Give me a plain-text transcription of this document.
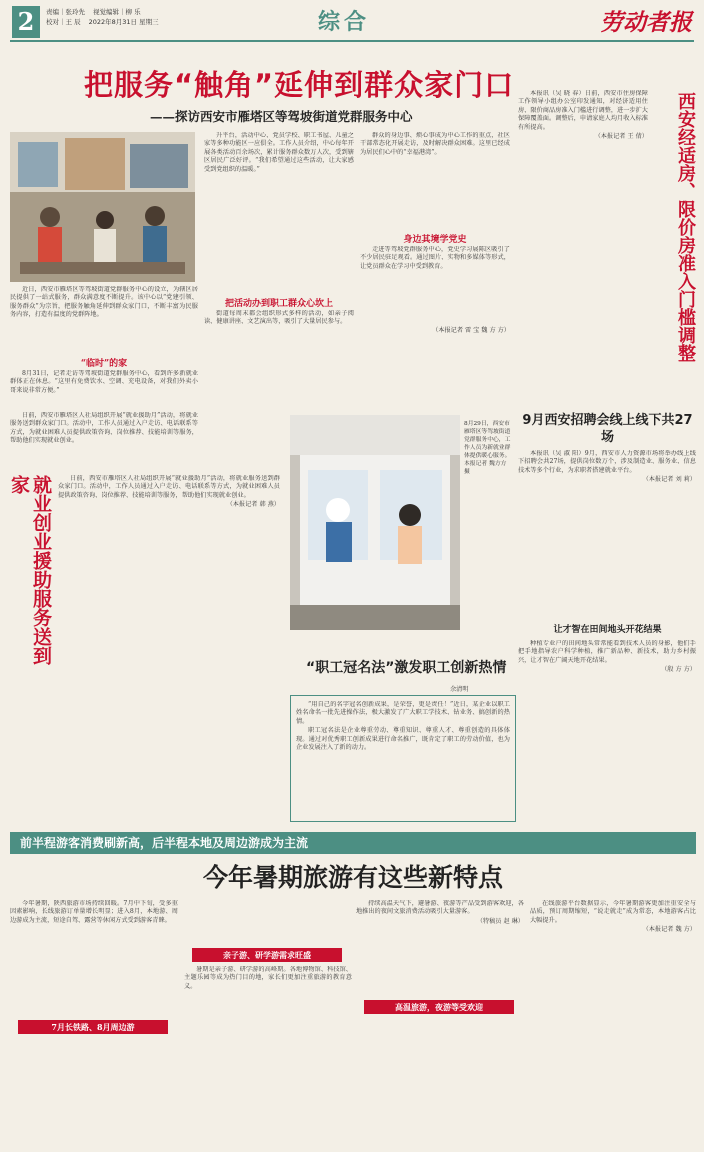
2	责编｜张玲先 视觉编辑｜柳 乐
校对｜王 辰 2022年8月31日 星期三	综合	劳动者报
把服务“触角”延伸到群众家门口
——探访西安市雁塔区等驾坡街道党群服务中心

近日，西安市雁塔区等驾坡街道党群服务中心的设立，为辖区居民提供了一站式服务，群众满意度不断提升。该中心以“党建引领、服务群众”为宗旨，把服务触角延伸到群众家门口，不断丰富为民服务内容，打造有温度的党群阵地。

“临时”的家

8月31日，记者走访等驾坡街道党群服务中心，看到许多新就业群体正在休息。“这里有免费饮水、空调、充电设备，对我们外卖小哥来说非常方便。”

升平台，活动中心、党员学校、职工书屋、儿童之家等多种功能区一应俱全。工作人员介绍，中心每年开展各类活动百余场次，累计服务群众数万人次，受到辖区居民广泛好评。“我们希望通过这些活动，让大家感受到党组织的温暖。”

把活动办到职工群众心坎上

街道每周末都会组织形式多样的活动，如亲子阅读、健康讲座、文艺演出等，吸引了大量居民参与。

群众的身边事、烦心事成为中心工作的重点，社区干部常态化开展走访，及时解决群众困难。这里已经成为居民们心中的“幸福港湾”。

身边其境学党史

走进等驾坡党群服务中心，党史学习展陈区吸引了不少居民驻足观看。通过图片、实物和多媒体等形式，让党员群众在学习中受到教育。

（本报记者 雷 宝 魏 方 方）
8月29日，西安市雁塔区等驾坡街道党群服务中心，工作人员为新就业群体提供暖心服务。本报记者 魏方方 摄

日前，西安市雁塔区人社局组织开展“就业援助月”活动，将就业服务送到群众家门口。活动中，工作人员通过入户走访、电话联系等方式，为就业困难人员提供政策咨询、岗位推荐、技能培训等服务，帮助他们实现就业创业。

就业创业援助服务送到家	日前，西安市雁塔区人社局组织开展“就业援助月”活动，将就业服务送到群众家门口。活动中，工作人员通过入户走访、电话联系等方式，为就业困难人员提供政策咨询、岗位推荐、技能培训等服务，帮助他们实现就业创业。

（本报记者 韩 燕）

“职工冠名法”激发职工创新热情
余清明

“用自己的名字冠名创新成果，是荣誉，更是责任！”近日，某企业以职工姓名命名一批先进操作法，极大激发了广大职工学技术、钻业务、搞创新的热情。

职工冠名法是企业尊重劳动、尊重知识、尊重人才、尊重创造的具体体现。通过对优秀职工创新成果进行命名推广，既肯定了职工的劳动价值，也为企业发展注入了新的动力。

本报讯（吴 晓 春）日前，西安市住房保障工作领导小组办公室印发通知，对经济适用住房、限价商品房准入门槛进行调整，进一步扩大保障覆盖面。调整后，申请家庭人均月收入标准有所提高。

（本报记者 王 倩）	西安经适房、限价房准入门槛调整
9月西安招聘会线上线下共27场

本报讯（吴 淑 阳）9月，西安市人力资源市场将举办线上线下招聘会共27场，提供岗位数万个，涉及制造业、服务业、信息技术等多个行业，为求职者搭建就业平台。

（本报记者 刘 莉）

让才智在田间地头开花结果

种植专业户的田间地头常常能看到技术人员的身影，他们手把手地指导农户科学种植，推广新品种、新技术，助力乡村振兴，让才智在广阔天地开花结果。

（殷 方 方）

前半程游客消费刷新高，后半程本地及周边游成为主流
今年暑期旅游有这些新特点
7月长铁路、8月周边游

今年暑期，陕西旅游市场持续回暖。7月中下旬，受多重因素影响，长线旅游订单量增长明显；进入8月，本地游、周边游成为主流，短途自驾、露营等休闲方式受到游客青睐。

亲子游、研学游需求旺盛

暑期是亲子游、研学游的高峰期。各地博物馆、科技馆、主题乐园等成为热门目的地，家长们更加注重旅游的教育意义。

高温旅游，夜游等受欢迎

持续高温天气下，避暑游、夜游等产品受到游客欢迎，各地推出的夜间文旅消费活动吸引大量游客。

（特稿员 赵 琳）

在线旅游平台数据显示，今年暑期游客更加注重安全与品质，预订周期缩短，“说走就走”成为常态，本地游客占比大幅提升。

（本报记者 魏 方）
